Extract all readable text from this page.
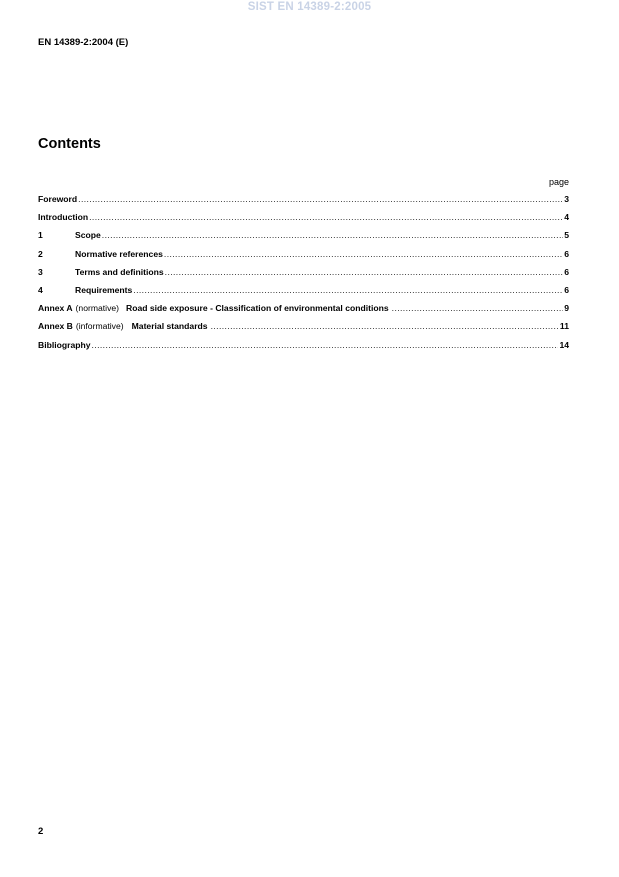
SIST EN 14389-2:2005
EN 14389-2:2004 (E)
Contents
page
Foreword .....	3
Introduction .....	4
1	Scope .....	5
2	Normative references .....	6
3	Terms and definitions .....	6
4	Requirements .....	6
Annex A (normative) Road side exposure - Classification of environmental conditions .....	9
Annex B (informative) Material standards .....	11
Bibliography .....	14
2
